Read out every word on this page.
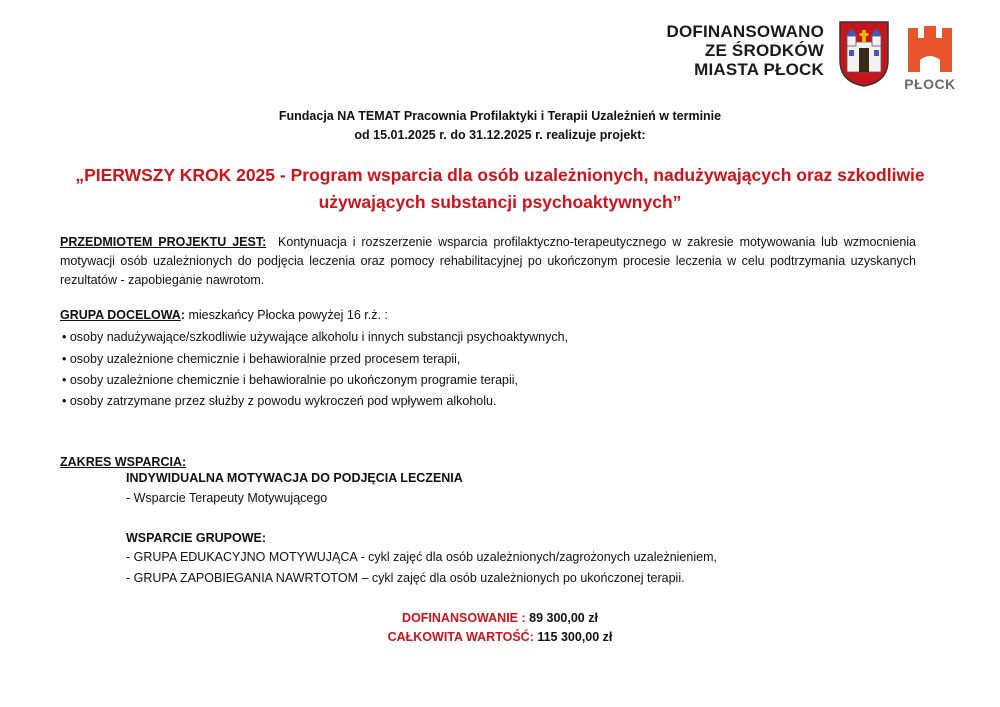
DOFINANSOWANO
ZE ŚRODKÓW
MIASTA PŁOCK
PŁOCK
Fundacja NA TEMAT Pracownia Profilaktyki i Terapii Uzależnień w terminie
od 15.01.2025 r. do 31.12.2025 r. realizuje projekt:
„PIERWSZY KROK 2025 - Program wsparcia dla osób uzależnionych, nadużywających oraz szkodliwie
używających substancji psychoaktywnych”
PRZEDMIOTEM PROJEKTU JEST: Kontynuacja i rozszerzenie wsparcia profilaktyczno-terapeutycznego w zakresie motywowania lub wzmocnienia motywacji osób uzależnionych do podjęcia leczenia oraz pomocy rehabilitacyjnej po ukończonym procesie leczenia w celu podtrzymania uzyskanych rezultatów - zapobieganie nawrotom.
GRUPA DOCELOWA: mieszkańcy Płocka powyżej 16 r.ż. :
• osoby nadużywające/szkodliwie używające alkoholu i innych substancji psychoaktywnych,
• osoby uzależnione chemicznie i behawioralnie przed procesem terapii,
• osoby uzależnione chemicznie i behawioralnie po ukończonym programie terapii,
• osoby zatrzymane przez służby z powodu wykroczeń pod wpływem alkoholu.
ZAKRES WSPARCIA:
INDYWIDUALNA MOTYWACJA DO PODJĘCIA LECZENIA
- Wsparcie Terapeuty Motywującego
WSPARCIE GRUPOWE:
- GRUPA EDUKACYJNO MOTYWUJĄCA - cykl zajęć dla osób uzależnionych/zagrożonych uzależnieniem,
- GRUPA ZAPOBIEGANIA NAWRTOTOM – cykl zajęć dla osób uzależnionych po ukończonej terapii.
DOFINANSOWANIE : 89 300,00 zł
CAŁKOWITA WARTOŚĆ: 115 300,00 zł
